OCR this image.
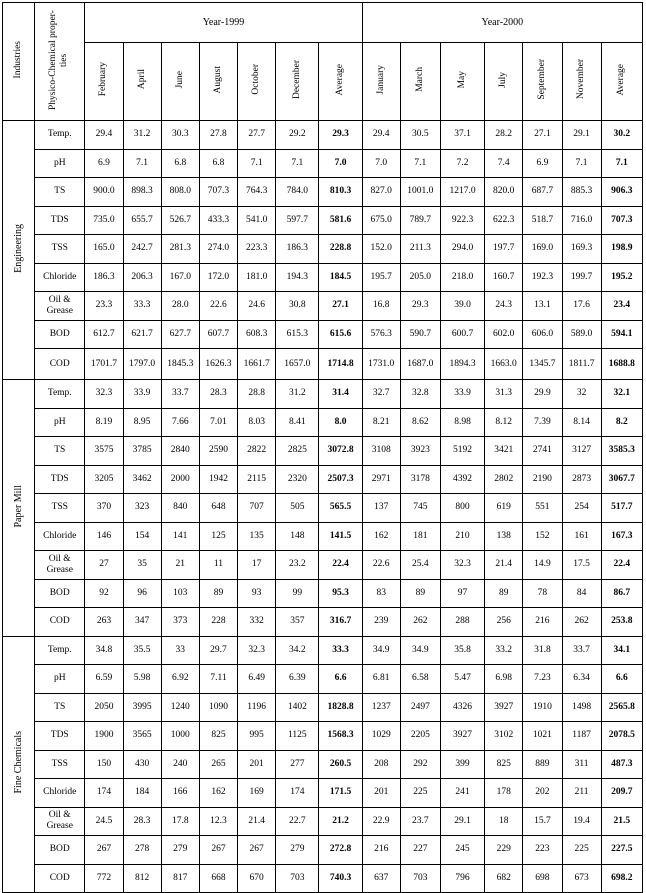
Industries	Physico-Chemical proper-ties	Year-1999							Year-2000						
		February	April	June	August	October	December	Average	January	March	May	July	September	November	Average
Engineering	Temp.	29.4	31.2	30.3	27.8	27.7	29.2	29.3	29.4	30.5	37.1	28.2	27.1	29.1	30.2
	pH	6.9	7.1	6.8	6.8	7.1	7.1	7.0	7.0	7.1	7.2	7.4	6.9	7.1	7.1
	TS	900.0	898.3	808.0	707.3	764.3	784.0	810.3	827.0	1001.0	1217.0	820.0	687.7	885.3	906.3
	TDS	735.0	655.7	526.7	433.3	541.0	597.7	581.6	675.0	789.7	922.3	622.3	518.7	716.0	707.3
	TSS	165.0	242.7	281.3	274.0	223.3	186.3	228.8	152.0	211.3	294.0	197.7	169.0	169.3	198.9
	Chloride	186.3	206.3	167.0	172.0	181.0	194.3	184.5	195.7	205.0	218.0	160.7	192.3	199.7	195.2
	Oil & Grease	23.3	33.3	28.0	22.6	24.6	30.8	27.1	16.8	29.3	39.0	24.3	13.1	17.6	23.4
	BOD	612.7	621.7	627.7	607.7	608.3	615.3	615.6	576.3	590.7	600.7	602.0	606.0	589.0	594.1
	COD	1701.7	1797.0	1845.3	1626.3	1661.7	1657.0	1714.8	1731.0	1687.0	1894.3	1663.0	1345.7	1811.7	1688.8
Paper Mill	Temp.	32.3	33.9	33.7	28.3	28.8	31.2	31.4	32.7	32.8	33.9	31.3	29.9	32	32.1
	pH	8.19	8.95	7.66	7.01	8.03	8.41	8.0	8.21	8.62	8.98	8.12	7.39	8.14	8.2
	TS	3575	3785	2840	2590	2822	2825	3072.8	3108	3923	5192	3421	2741	3127	3585.3
	TDS	3205	3462	2000	1942	2115	2320	2507.3	2971	3178	4392	2802	2190	2873	3067.7
	TSS	370	323	840	648	707	505	565.5	137	745	800	619	551	254	517.7
	Chloride	146	154	141	125	135	148	141.5	162	181	210	138	152	161	167.3
	Oil & Grease	27	35	21	11	17	23.2	22.4	22.6	25.4	32.3	21.4	14.9	17.5	22.4
	BOD	92	96	103	89	93	99	95.3	83	89	97	89	78	84	86.7
	COD	263	347	373	228	332	357	316.7	239	262	288	256	216	262	253.8
Fine Chemicals	Temp.	34.8	35.5	33	29.7	32.3	34.2	33.3	34.9	34.9	35.8	33.2	31.8	33.7	34.1
	pH	6.59	5.98	6.92	7.11	6.49	6.39	6.6	6.81	6.58	5.47	6.98	7.23	6.34	6.6
	TS	2050	3995	1240	1090	1196	1402	1828.8	1237	2497	4326	3927	1910	1498	2565.8
	TDS	1900	3565	1000	825	995	1125	1568.3	1029	2205	3927	3102	1021	1187	2078.5
	TSS	150	430	240	265	201	277	260.5	208	292	399	825	889	311	487.3
	Chloride	174	184	166	162	169	174	171.5	201	225	241	178	202	211	209.7
	Oil & Grease	24.5	28.3	17.8	12.3	21.4	22.7	21.2	22.9	23.7	29.1	18	15.7	19.4	21.5
	BOD	267	278	279	267	267	279	272.8	216	227	245	229	223	225	227.5
	COD	772	812	817	668	670	703	740.3	637	703	796	682	698	673	698.2
